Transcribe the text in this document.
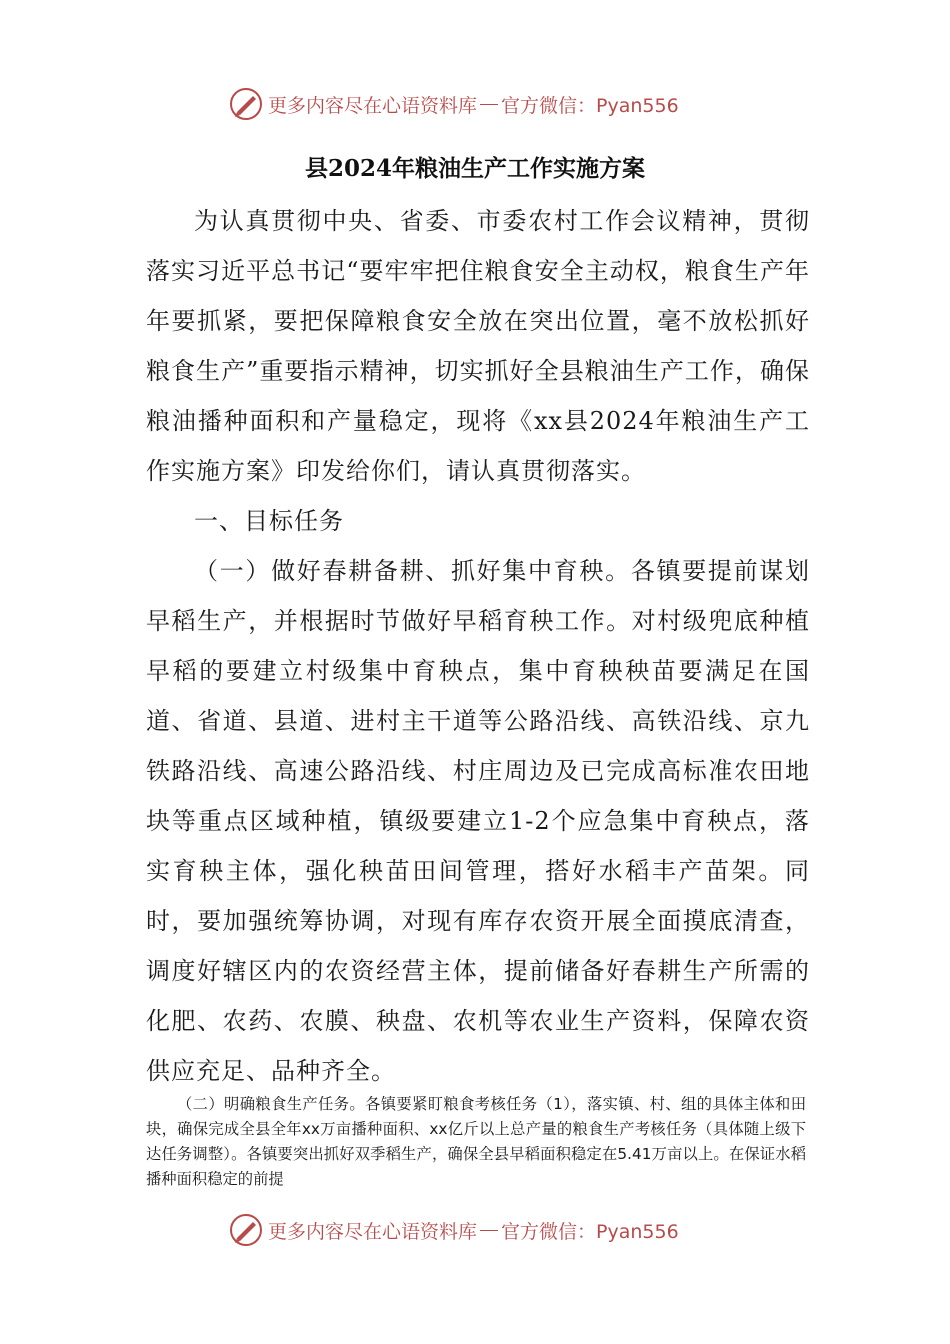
更多内容尽在心语资料库 官方微信：Pyan556
县2024年粮油生产工作实施方案

为认真贯彻中央、省委、市委农村工作会议精神，贯彻落实习近平总书记“要牢牢把住粮食安全主动权，粮食生产年年要抓紧，要把保障粮食安全放在突出位置，毫不放松抓好粮食生产”重要指示精神，切实抓好全县粮油生产工作，确保粮油播种面积和产量稳定，现将《xx县2024年粮油生产工作实施方案》印发给你们，请认真贯彻落实。

一、目标任务

（一）做好春耕备耕、抓好集中育秧。各镇要提前谋划早稻生产，并根据时节做好早稻育秧工作。对村级兜底种植早稻的要建立村级集中育秧点，集中育秧秧苗要满足在国道、省道、县道、进村主干道等公路沿线、高铁沿线、京九铁路沿线、高速公路沿线、村庄周边及已完成高标准农田地块等重点区域种植，镇级要建立1-2个应急集中育秧点，落实育秧主体，强化秧苗田间管理，搭好水稻丰产苗架。同时，要加强统筹协调，对现有库存农资开展全面摸底清查，调度好辖区内的农资经营主体，提前储备好春耕生产所需的化肥、农药、农膜、秧盘、农机等农业生产资料，保障农资供应充足、品种齐全。

（二）明确粮食生产任务。各镇要紧盯粮食考核任务（1），落实镇、村、组的具体主体和田块，确保完成全县全年xx万亩播种面积、xx亿斤以上总产量的粮食生产考核任务（具体随上级下达任务调整）。各镇要突出抓好双季稻生产，确保全县早稻面积稳定在5.41万亩以上。在保证水稻播种面积稳定的前提

更多内容尽在心语资料库 官方微信：Pyan556
